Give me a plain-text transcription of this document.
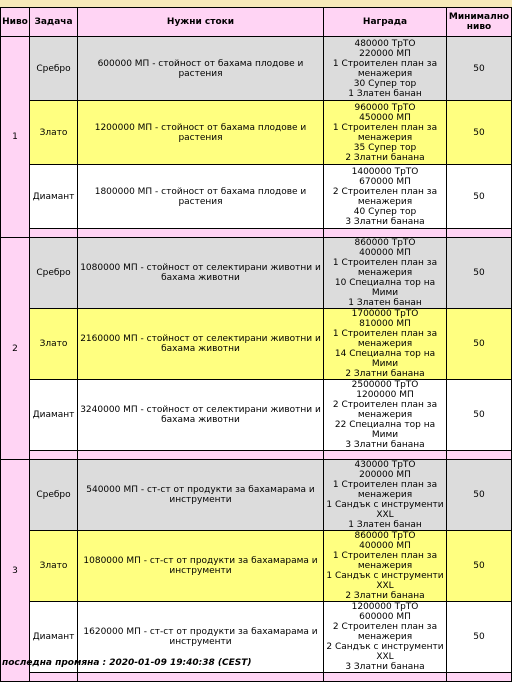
Ниво	Задача	Нужни стоки	Награда	Минимално ниво
1	Сребро	600000 МП - стойност от бахама плодове и растения	480000 ТрТО
220000 МП
1 Строителен план за менажерия
30 Супер тор
1 Златен банан	50
	Злато	1200000 МП - стойност от бахама плодове и растения	960000 ТрТО
450000 МП
1 Строителен план за менажерия
35 Супер тор
2 Златни банана	50
	Диамант	1800000 МП - стойност от бахама плодове и растения	1400000 ТрТО
670000 МП
2 Строителен план за менажерия
40 Супер тор
3 Златни банана	50

2	Сребро	1080000 МП - стойност от селектирани животни и бахама животни	860000 ТрТО
400000 МП
1 Строителен план за менажерия
10 Специална тор на Мими
1 Златен банан	50
	Злато	2160000 МП - стойност от селектирани животни и бахама животни	1700000 ТрТО
810000 МП
1 Строителен план за менажерия
14 Специална тор на Мими
2 Златни банана	50
	Диамант	3240000 МП - стойност от селектирани животни и бахама животни	2500000 ТрТО
1200000 МП
2 Строителен план за менажерия
22 Специална тор на Мими
3 Златни банана	50

3	Сребро	540000 МП - ст-ст от продукти за бахамарама и инструменти	430000 ТрТО
200000 МП
1 Строителен план за менажерия
1 Сандък с инструменти XXL
1 Златен банан	50
	Злато	1080000 МП - ст-ст от продукти за бахамарама и инструменти	860000 ТрТО
400000 МП
1 Строителен план за менажерия
1 Сандък с инструменти XXL
2 Златни банана	50
	Диамант	1620000 МП - ст-ст от продукти за бахамарама и инструменти	1200000 ТрТО
600000 МП
2 Строителен план за менажерия
2 Сандък с инструменти XXL
3 Златни банана	50

последна промяна : 2020-01-09 19:40:38 (CEST)
